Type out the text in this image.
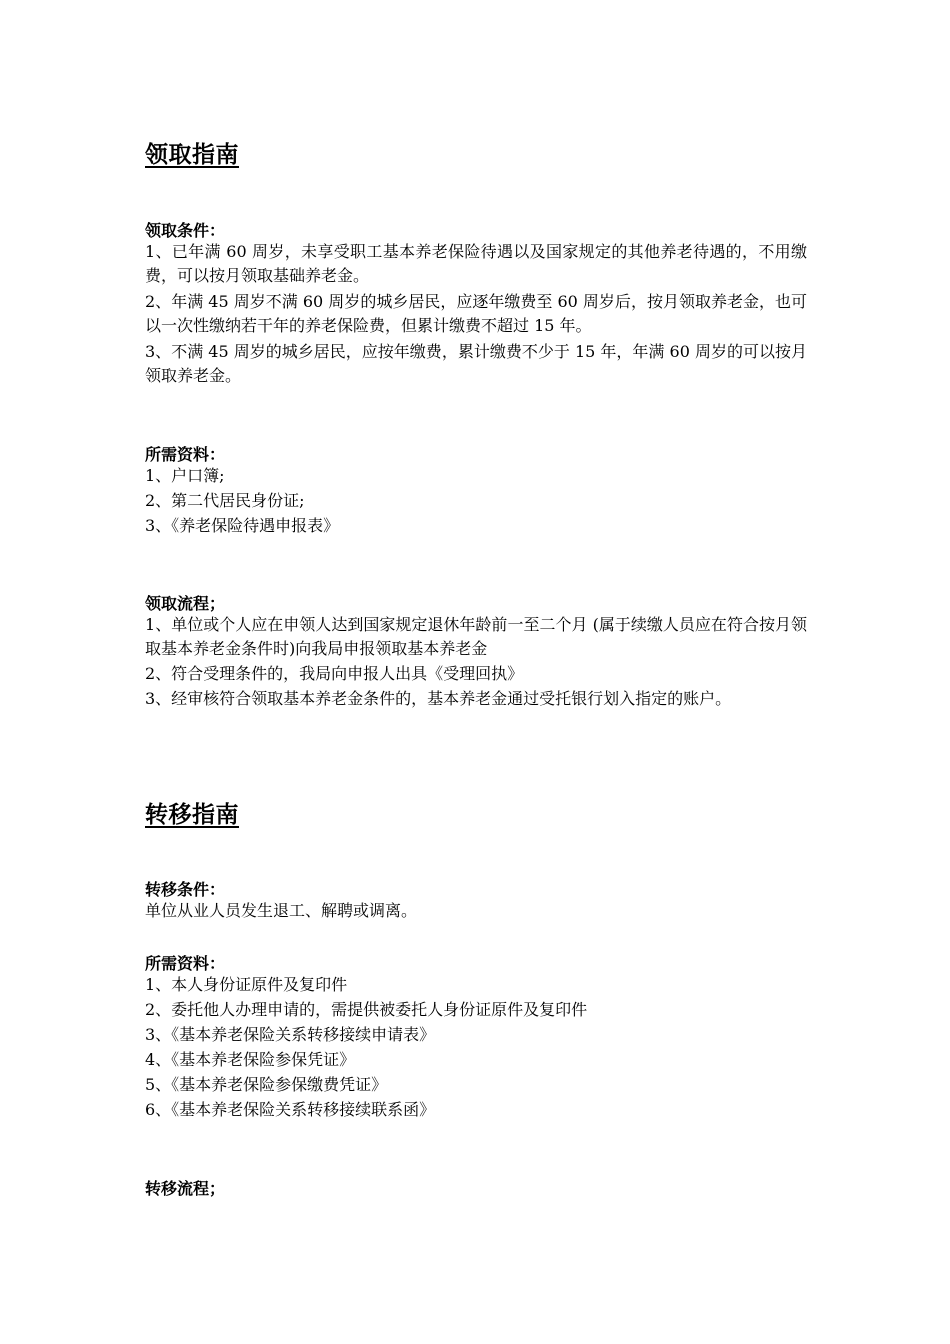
领取指南
领取条件：
1、已年满 60 周岁，未享受职工基本养老保险待遇以及国家规定的其他养老待遇的，不用缴费，可以按月领取基础养老金。
2、年满 45 周岁不满 60 周岁的城乡居民，应逐年缴费至 60 周岁后，按月领取养老金，也可以一次性缴纳若干年的养老保险费，但累计缴费不超过 15 年。
3、不满 45 周岁的城乡居民，应按年缴费，累计缴费不少于 15 年，年满 60 周岁的可以按月领取养老金。
所需资料：
1、户口簿;
2、第二代居民身份证;
3、《养老保险待遇申报表》
领取流程；
1、单位或个人应在申领人达到国家规定退休年龄前一至二个月 (属于续缴人员应在符合按月领取基本养老金条件时)向我局申报领取基本养老金
2、符合受理条件的，我局向申报人出具《受理回执》
3、经审核符合领取基本养老金条件的，基本养老金通过受托银行划入指定的账户。
转移指南
转移条件：
单位从业人员发生退工、解聘或调离。
所需资料：
1、本人身份证原件及复印件
2、委托他人办理申请的，需提供被委托人身份证原件及复印件
3、《基本养老保险关系转移接续申请表》
4、《基本养老保险参保凭证》
5、《基本养老保险参保缴费凭证》
6、《基本养老保险关系转移接续联系函》
转移流程；
